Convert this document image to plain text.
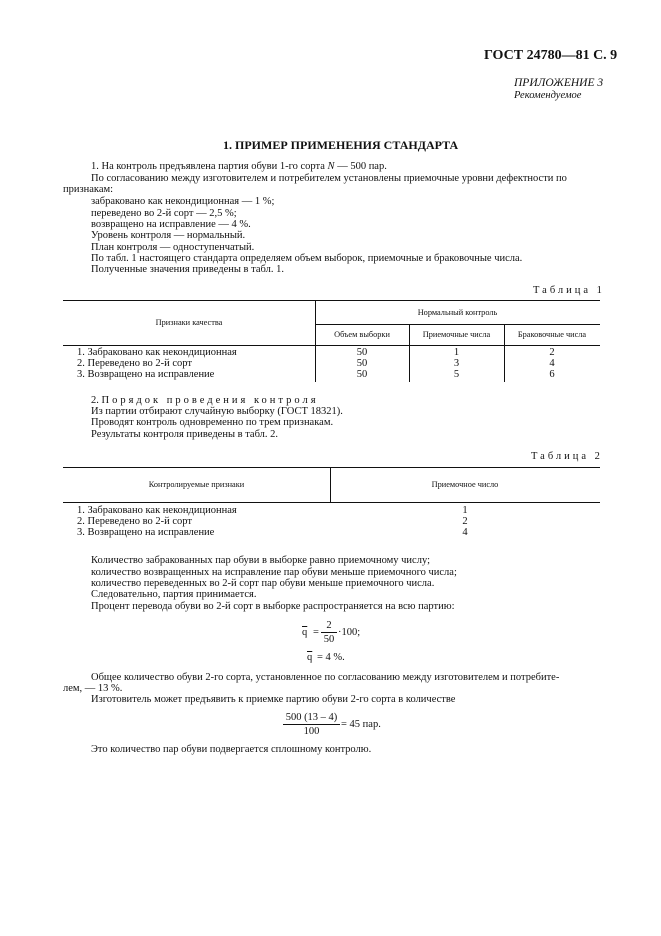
ГОСТ 24780—81 С. 9
ПРИЛОЖЕНИЕ 3
Рекомендуемое
1. ПРИМЕР ПРИМЕНЕНИЯ СТАНДАРТА
1. На контроль предъявлена партия обуви 1-го сорта N — 500 пар.
По согласованию между изготовителем и потребителем установлены приемочные уровни дефектности по
признакам:
забраковано как некондиционная — 1 %;
переведено во 2-й сорт — 2,5 %;
возвращено на исправление — 4 %.
Уровень контроля — нормальный.
План контроля — одноступенчатый.
По табл. 1 настоящего стандарта определяем объем выборок, приемочные и браковочные числа.
Полученные значения приведены в табл. 1.
Таблица 1
Признаки качества
Нормальный контроль
Объем выборки	Приемочные числа	Браковочные числа
1. Забраковано как некондиционная	50	1	2
2. Переведено во 2-й сорт	50	3	4
3. Возвращено на исправление	50	5	6
2. Порядок проведения контроля
Из партии отбирают случайную выборку (ГОСТ 18321).
Проводят контроль одновременно по трем признакам.
Результаты контроля приведены в табл. 2.
Таблица 2
Контролируемые признаки	Приемочное число
1. Забраковано как некондиционная	1
2. Переведено во 2-й сорт	2
3. Возвращено на исправление	4
Количество забракованных пар обуви в выборке равно приемочному числу;
количество возвращенных на исправление пар обуви меньше приемочного числа;
количество переведенных во 2-й сорт пар обуви меньше приемочного числа.
Следовательно, партия принимается.
Процент перевода обуви во 2-й сорт в выборке распространяется на всю партию:
$\overline{q}$ =
2
50
·100;
$\overline{q} = 4$ %.
Общее количество обуви 2-го сорта, установленное по согласованию между изготовителем и потребите-
лем, — 13 %.
Изготовитель может предъявить к приемке партию обуви 2-го сорта в количестве
500 (13 – 4)
100
= 45 пар.
Это количество пар обуви подвергается сплошному контролю.
